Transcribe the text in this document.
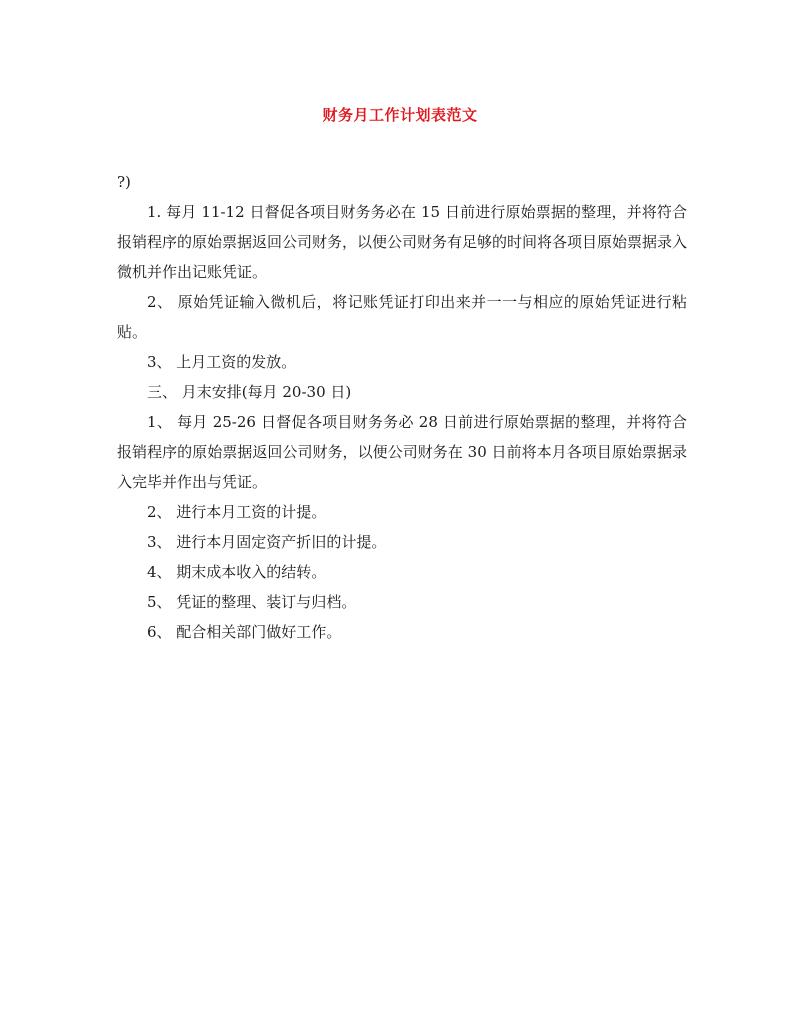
财务月工作计划表范文

?)

1. 每月 11-12 日督促各项目财务务必在 15 日前进行原始票据的整理，并将符合报销程序的原始票据返回公司财务，以便公司财务有足够的时间将各项目原始票据录入微机并作出记账凭证。

2、 原始凭证输入微机后，将记账凭证打印出来并一一与相应的原始凭证进行粘贴。

3、 上月工资的发放。

三、 月末安排(每月 20-30 日)

1、 每月 25-26 日督促各项目财务务必 28 日前进行原始票据的整理，并将符合报销程序的原始票据返回公司财务，以便公司财务在 30 日前将本月各项目原始票据录入完毕并作出与凭证。

2、 进行本月工资的计提。

3、 进行本月固定资产折旧的计提。

4、 期末成本收入的结转。

5、 凭证的整理、装订与归档。

6、 配合相关部门做好工作。
